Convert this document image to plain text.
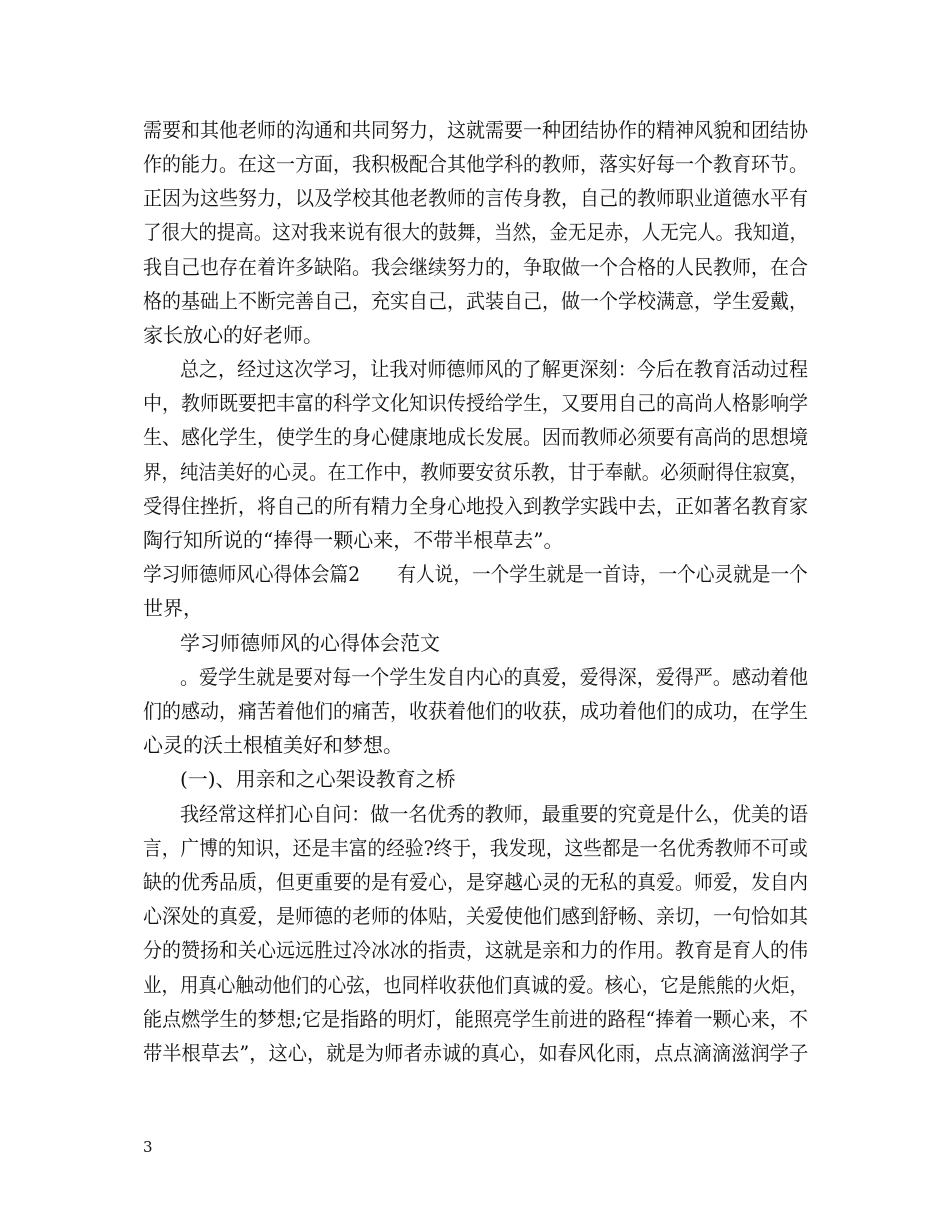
需要和其他老师的沟通和共同努力，这就需要一种团结协作的精神风貌和团结协
作的能力。在这一方面，我积极配合其他学科的教师，落实好每一个教育环节。
正因为这些努力，以及学校其他老教师的言传身教，自己的教师职业道德水平有
了很大的提高。这对我来说有很大的鼓舞，当然，金无足赤，人无完人。我知道，
我自己也存在着许多缺陷。我会继续努力的，争取做一个合格的人民教师，在合
格的基础上不断完善自己，充实自己，武装自己，做一个学校满意，学生爱戴，
家长放心的好老师。
总之，经过这次学习，让我对师德师风的了解更深刻：今后在教育活动过程
中，教师既要把丰富的科学文化知识传授给学生，又要用自己的高尚人格影响学
生、感化学生，使学生的身心健康地成长发展。因而教师必须要有高尚的思想境
界，纯洁美好的心灵。在工作中，教师要安贫乐教，甘于奉献。必须耐得住寂寞，
受得住挫折，将自己的所有精力全身心地投入到教学实践中去，正如著名教育家
陶行知所说的“捧得一颗心来，不带半根草去”。
学习师德师风心得体会篇2　　有人说，一个学生就是一首诗，一个心灵就是一个
世界，
学习师德师风的心得体会范文
。爱学生就是要对每一个学生发自内心的真爱，爱得深，爱得严。感动着他
们的感动，痛苦着他们的痛苦，收获着他们的收获，成功着他们的成功，在学生
心灵的沃土根植美好和梦想。
(一)、用亲和之心架设教育之桥
我经常这样扪心自问：做一名优秀的教师，最重要的究竟是什么，优美的语
言，广博的知识，还是丰富的经验?终于，我发现，这些都是一名优秀教师不可或
缺的优秀品质，但更重要的是有爱心，是穿越心灵的无私的真爱。师爱，发自内
心深处的真爱，是师德的老师的体贴，关爱使他们感到舒畅、亲切，一句恰如其
分的赞扬和关心远远胜过冷冰冰的指责，这就是亲和力的作用。教育是育人的伟
业，用真心触动他们的心弦，也同样收获他们真诚的爱。核心，它是熊熊的火炬，
能点燃学生的梦想;它是指路的明灯，能照亮学生前进的路程“捧着一颗心来，不
带半根草去”，这心，就是为师者赤诚的真心，如春风化雨，点点滴滴滋润学子
3
